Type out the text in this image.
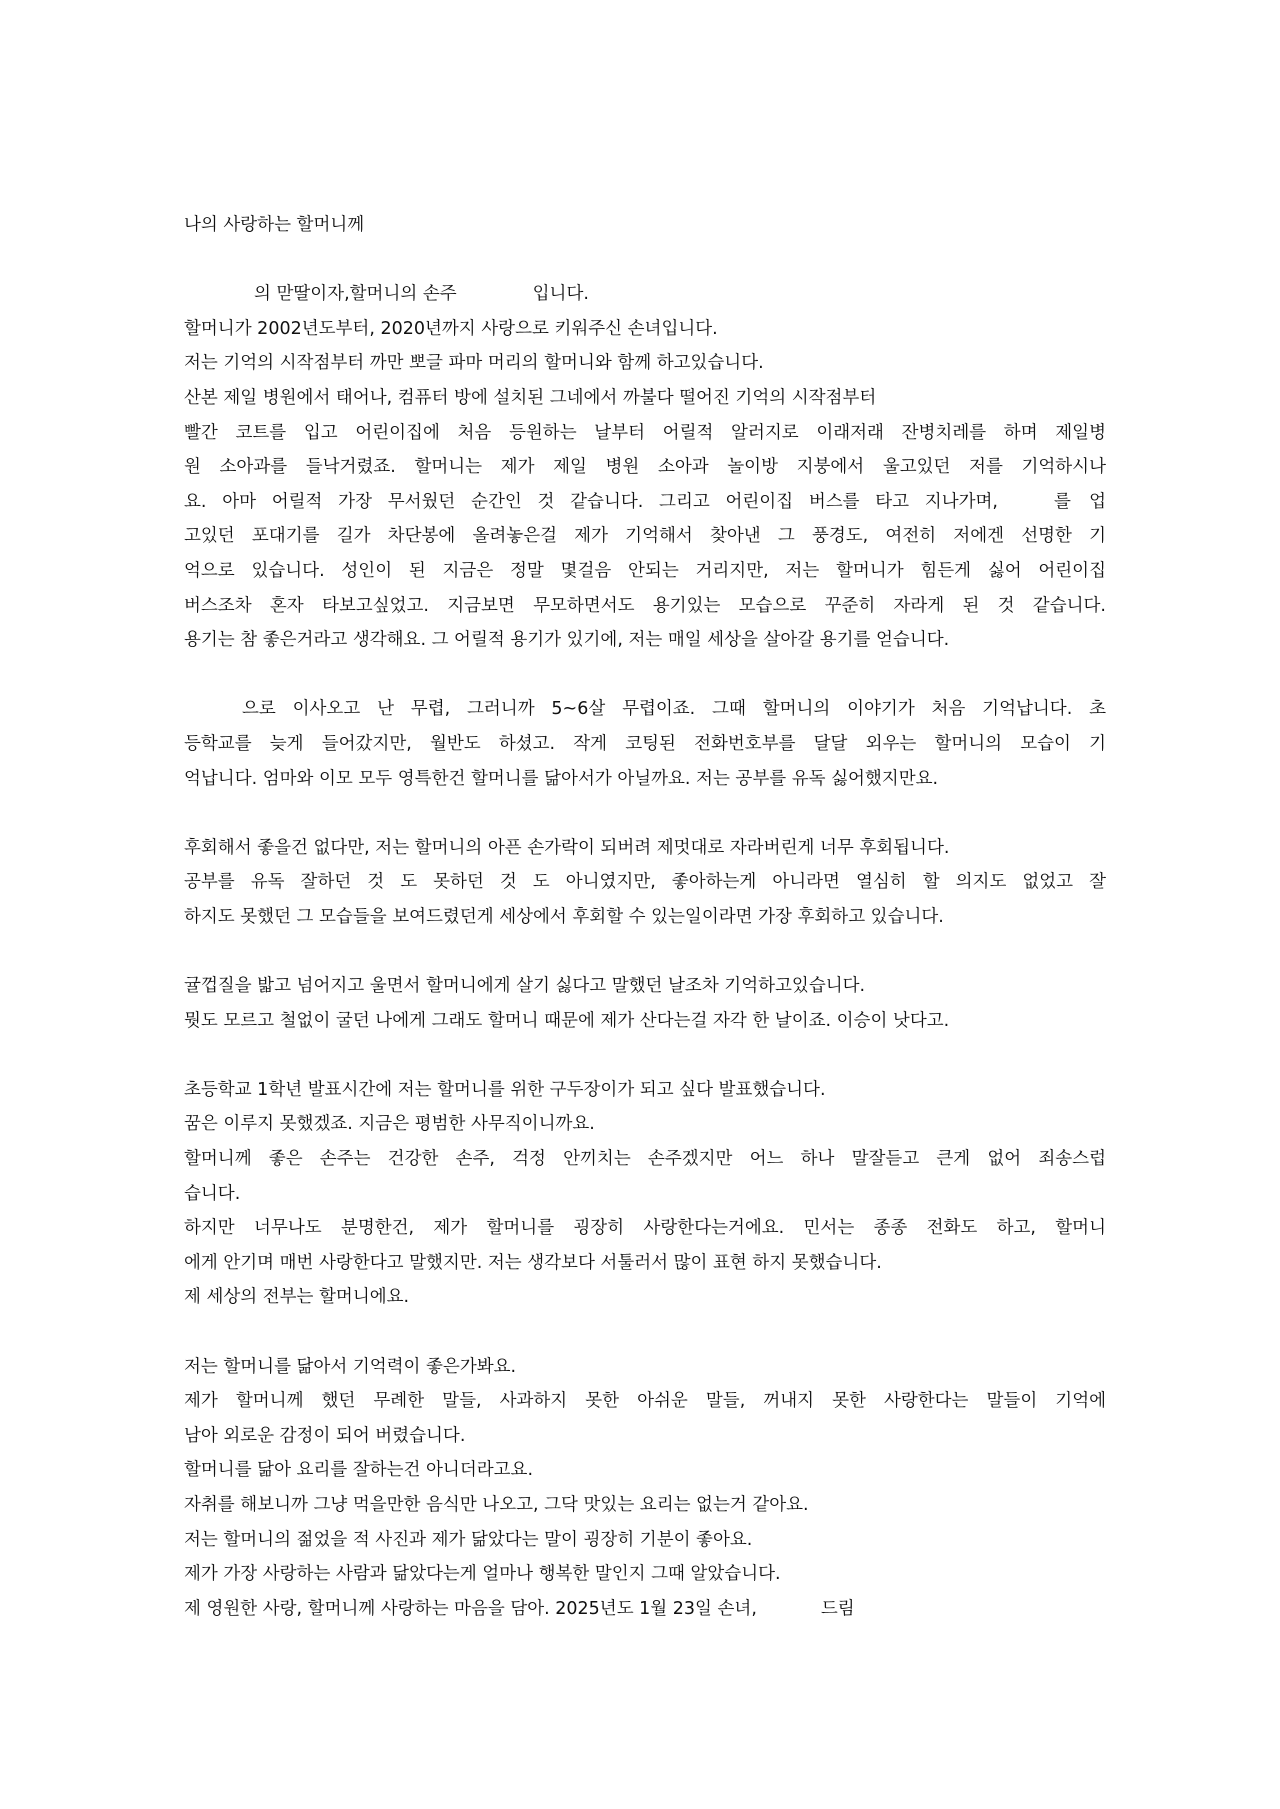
나의 사랑하는 할머니께
의 맏딸이자,할머니의 손주	입니다.
할머니가 2002년도부터, 2020년까지 사랑으로 키워주신 손녀입니다.
저는 기억의 시작점부터 까만 뽀글 파마 머리의 할머니와 함께 하고있습니다.
산본 제일 병원에서 태어나, 컴퓨터 방에 설치된 그네에서 까불다 떨어진 기억의 시작점부터
빨간 코트를 입고 어린이집에 처음 등원하는 날부터 어릴적 알러지로 이래저래 잔병치레를 하며 제일병
원 소아과를 들낙거렸죠. 할머니는 제가 제일 병원 소아과 놀이방 지붕에서 울고있던 저를 기억하시나
요. 아마 어릴적 가장 무서웠던 순간인 것 같습니다. 그리고 어린이집 버스를 타고 지나가며,	를 업
고있던 포대기를 길가 차단봉에 올려놓은걸 제가 기억해서 찾아낸 그 풍경도, 여전히 저에겐 선명한 기
억으로 있습니다. 성인이 된 지금은 정말 몇걸음 안되는 거리지만, 저는 할머니가 힘든게 싫어 어린이집
버스조차 혼자 타보고싶었고. 지금보면 무모하면서도 용기있는 모습으로 꾸준히 자라게 된 것 같습니다.
용기는 참 좋은거라고 생각해요. 그 어릴적 용기가 있기에, 저는 매일 세상을 살아갈 용기를 얻습니다.
으로 이사오고 난 무렵, 그러니까 5~6살 무렵이죠. 그때 할머니의 이야기가 처음 기억납니다. 초
등학교를 늦게 들어갔지만, 월반도 하셨고. 작게 코팅된 전화번호부를 달달 외우는 할머니의 모습이 기
억납니다. 엄마와 이모 모두 영특한건 할머니를 닮아서가 아닐까요. 저는 공부를 유독 싫어했지만요.
후회해서 좋을건 없다만, 저는 할머니의 아픈 손가락이 되버려 제멋대로 자라버린게 너무 후회됩니다.
공부를 유독 잘하던 것 도 못하던 것 도 아니였지만, 좋아하는게 아니라면 열심히 할 의지도 없었고 잘
하지도 못했던 그 모습들을 보여드렸던게 세상에서 후회할 수 있는일이라면 가장 후회하고 있습니다.
귤껍질을 밟고 넘어지고 울면서 할머니에게 살기 싫다고 말했던 날조차 기억하고있습니다.
뭣도 모르고 철없이 굴던 나에게 그래도 할머니 때문에 제가 산다는걸 자각 한 날이죠. 이승이 낫다고.
초등학교 1학년 발표시간에 저는 할머니를 위한 구두장이가 되고 싶다 발표했습니다.
꿈은 이루지 못했겠죠. 지금은 평범한 사무직이니까요.
할머니께 좋은 손주는 건강한 손주, 걱정 안끼치는 손주겠지만 어느 하나 말잘듣고 큰게 없어 죄송스럽
습니다.
하지만 너무나도 분명한건, 제가 할머니를 굉장히 사랑한다는거에요. 민서는 종종 전화도 하고, 할머니
에게 안기며 매번 사랑한다고 말했지만. 저는 생각보다 서툴러서 많이 표현 하지 못했습니다.
제 세상의 전부는 할머니에요.
저는 할머니를 닮아서 기억력이 좋은가봐요.
제가 할머니께 했던 무례한 말들, 사과하지 못한 아쉬운 말들, 꺼내지 못한 사랑한다는 말들이 기억에
남아 외로운 감정이 되어 버렸습니다.
할머니를 닮아 요리를 잘하는건 아니더라고요.
자취를 해보니까 그냥 먹을만한 음식만 나오고, 그닥 맛있는 요리는 없는거 같아요.
저는 할머니의 젊었을 적 사진과 제가 닮았다는 말이 굉장히 기분이 좋아요.
제가 가장 사랑하는 사람과 닮았다는게 얼마나 행복한 말인지 그때 알았습니다.
제 영원한 사랑, 할머니께 사랑하는 마음을 담아. 2025년도 1월 23일 손녀,	드림
